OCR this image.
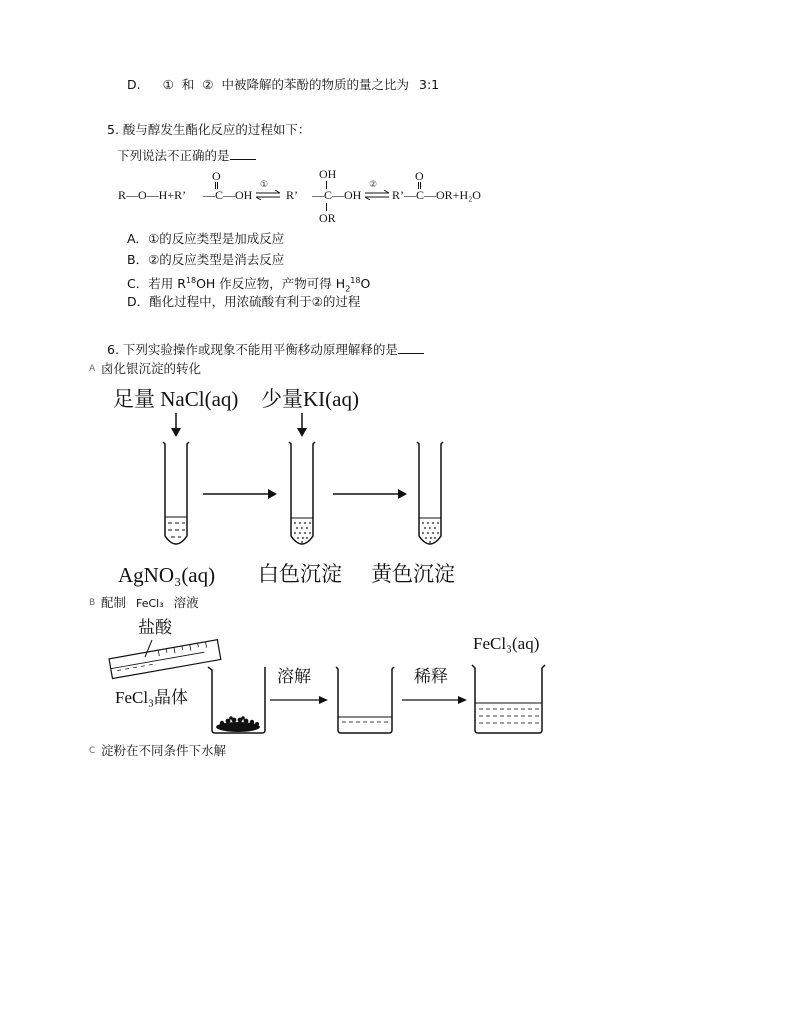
D. ① 和 ② 中被降解的苯酚的物质的量之比为 3:1
5. 酸与醇发生酯化反应的过程如下：
下列说法不正确的是
R—O—H+R’
O
—C—OH
①
⇌ R’
OH
—C—OH
OR
②
O
R’—C—OR+H₂O
A．①的反应类型是加成反应
B．②的反应类型是消去反应
C．若用 $R^{18}OH$ 作反应物，产物可得 $H_2^{18}O$
D．酯化过程中，用浓硫酸有利于②的过程
6. 下列实验操作或现象不能用平衡移动原理解释的是
A 卤化银沉淀的转化
足量 NaCl(aq) 少量KI(aq)
AgNO₃(aq) 白色沉淀 黄色沉淀
B 配制 FeCl₃ 溶液
盐酸
FeCl₃(aq)
FeCl₃晶体
溶解	稀释
C 淀粉在不同条件下水解
